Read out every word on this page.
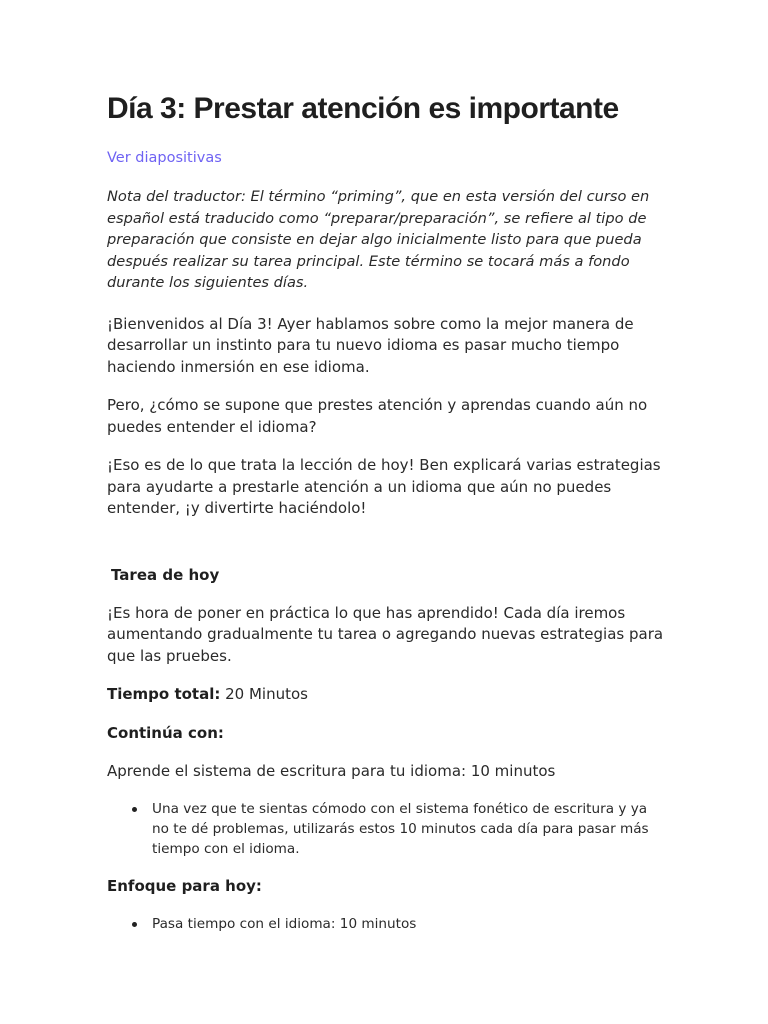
Día 3: Prestar atención es importante
Ver diapositivas

Nota del traductor: El término “priming”, que en esta versión del curso en español está traducido como “preparar/preparación”, se refiere al tipo de preparación que consiste en dejar algo inicialmente listo para que pueda después realizar su tarea principal. Este término se tocará más a fondo durante los siguientes días.

¡Bienvenidos al Día 3! Ayer hablamos sobre como la mejor manera de desarrollar un instinto para tu nuevo idioma es pasar mucho tiempo haciendo inmersión en ese idioma.

Pero, ¿cómo se supone que prestes atención y aprendas cuando aún no puedes entender el idioma?

¡Eso es de lo que trata la lección de hoy! Ben explicará varias estrategias para ayudarte a prestarle atención a un idioma que aún no puedes entender, ¡y divertirte haciéndolo!

Tarea de hoy

¡Es hora de poner en práctica lo que has aprendido! Cada día iremos aumentando gradualmente tu tarea o agregando nuevas estrategias para que las pruebes.

Tiempo total: 20 Minutos

Continúa con:

Aprende el sistema de escritura para tu idioma: 10 minutos

Una vez que te sientas cómodo con el sistema fonético de escritura y ya no te dé problemas, utilizarás estos 10 minutos cada día para pasar más tiempo con el idioma.

Enfoque para hoy:

Pasa tiempo con el idioma: 10 minutos
